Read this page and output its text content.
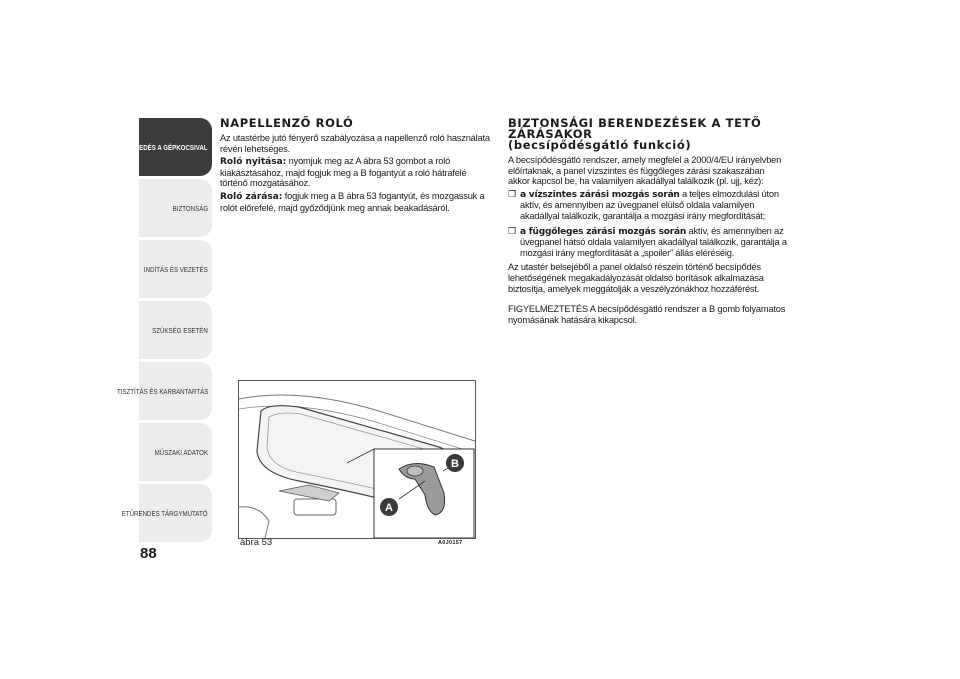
ISMERKEDÉS A GÉPKOCSIVAL
BIZTONSÁG
INDÍTÁS ÉS VEZETÉS
SZÜKSÉG ESETÉN
TISZTÍTÁS ÉS KARBANTARTÁS
MŰSZAKI ADATOK
ETŰRENDES TÁRGYMUTATÓ
88
NAPELLENZŐ ROLÓ

Az utastérbe jutó fényerő szabályozása a napellenző roló használata révén lehetséges.

Roló nyitása: nyomjuk meg az A ábra 53 gombot a roló kiakasztásához, majd fogjuk meg a B fogantyút a roló hátrafelé történő mozgatásához.

Roló zárása: fogjuk meg a B ábra 53 fogantyút, és mozgassuk a rolót előrefelé, majd győződjünk meg annak beakadásáról.

B
A
ábra 53	A0J0157
BIZTONSÁGI BERENDEZÉSEK A TETŐ
ZÁRÁSAKOR
(becsípődésgátló funkció)

A becsípődésgátló rendszer, amely megfelel a 2000/4/EU irányelvben előírtaknak, a panel vízszintes és függőleges zárási szakaszában akkor kapcsol be, ha valamilyen akadállyal találkozik (pl. ujj, kéz):

❒ a vízszintes zárási mozgás során a teljes elmozdulási úton aktív, és amennyiben az üvegpanel elülső oldala valamilyen akadállyal találkozik, garantálja a mozgási irány megfordítását;
❒ a függőleges zárási mozgás során aktív, és amennyiben az üvegpanel hátsó oldala valamilyen akadállyal találkozik, garantálja a mozgási irány megfordítását a „spoiler” állás eléréséig.

Az utastér belsejéből a panel oldalsó részein történő becsípődés lehetőségének megakadályozását oldalsó borítások alkalmazása biztosítja, amelyek meggátolják a veszélyzónákhoz hozzáférést.

FIGYELMEZTETÉS A becsípődésgátló rendszer a B gomb folyamatos nyomásának hatására kikapcsol.
